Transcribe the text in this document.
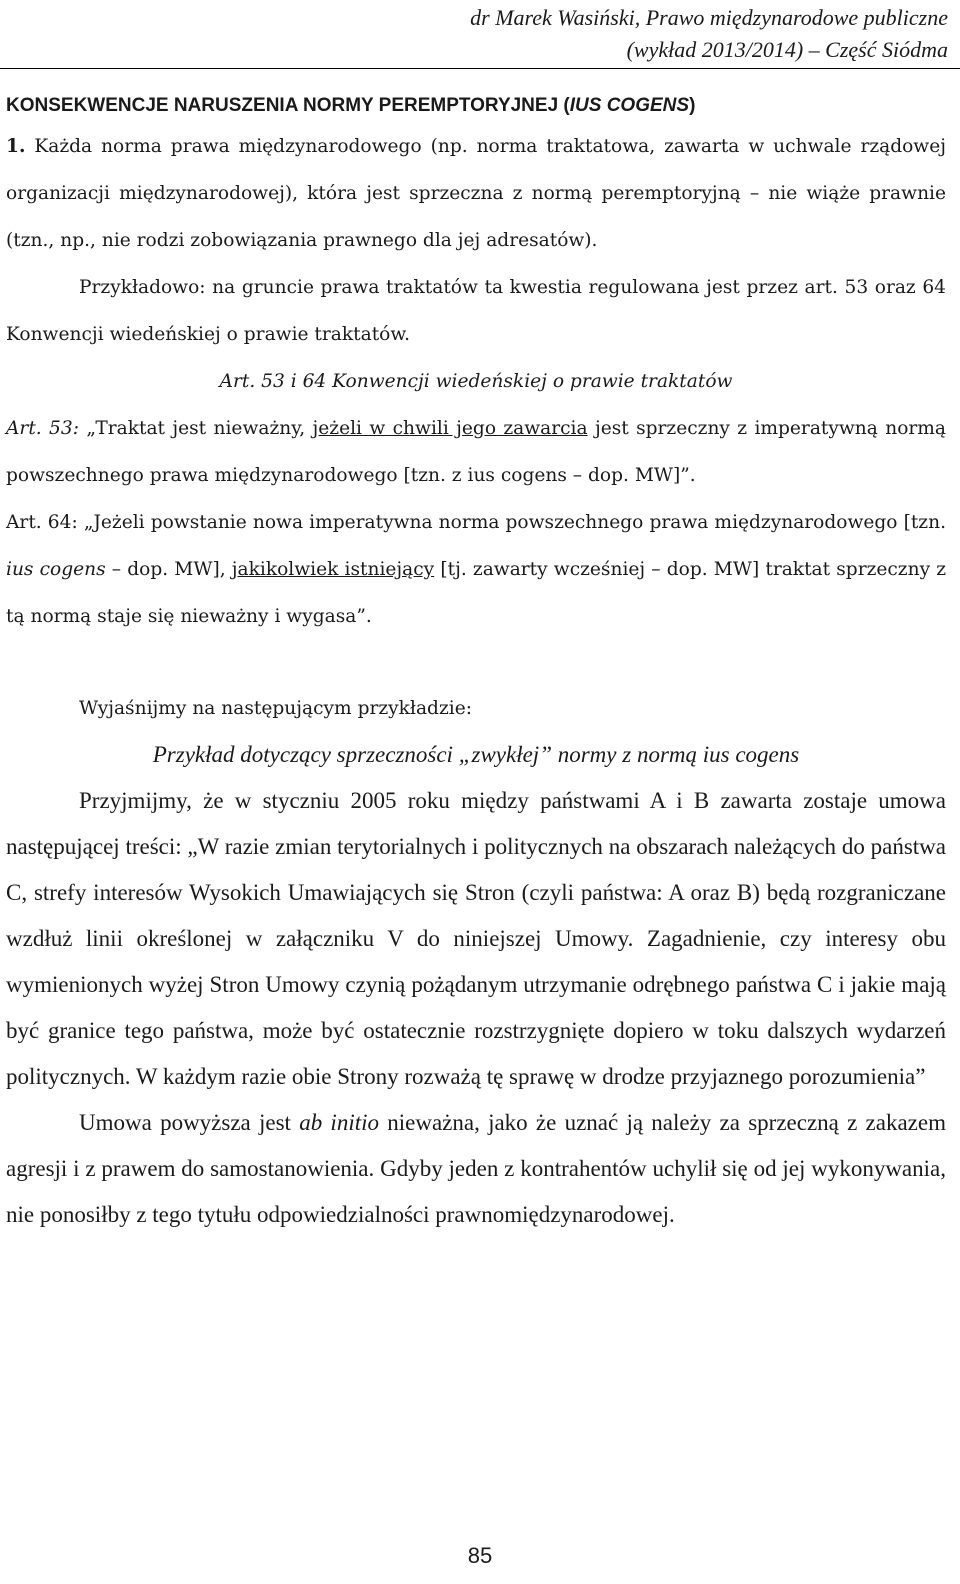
dr Marek Wasiński, Prawo międzynarodowe publiczne
(wykład 2013/2014) – Część Siódma

KONSEKWENCJE NARUSZENIA NORMY PEREMPTORYJNEJ (IUS COGENS)

1. Każda norma prawa międzynarodowego (np. norma traktatowa, zawarta w uchwale rządowej organizacji międzynarodowej), która jest sprzeczna z normą peremptoryjną – nie wiąże prawnie (tzn., np., nie rodzi zobowiązania prawnego dla jej adresatów).

Przykładowo: na gruncie prawa traktatów ta kwestia regulowana jest przez art. 53 oraz 64 Konwencji wiedeńskiej o prawie traktatów.

Art. 53 i 64 Konwencji wiedeńskiej o prawie traktatów

Art. 53: „Traktat jest nieważny, jeżeli w chwili jego zawarcia jest sprzeczny z imperatywną normą powszechnego prawa międzynarodowego [tzn. z ius cogens – dop. MW]”.

Art. 64: „Jeżeli powstanie nowa imperatywna norma powszechnego prawa międzynarodowego [tzn. ius cogens – dop. MW], jakikolwiek istniejący [tj. zawarty wcześniej – dop. MW] traktat sprzeczny z tą normą staje się nieważny i wygasa”.

Wyjaśnijmy na następującym przykładzie:

Przykład dotyczący sprzeczności „zwykłej” normy z normą ius cogens

Przyjmijmy, że w styczniu 2005 roku między państwami A i B zawarta zostaje umowa następującej treści: „W razie zmian terytorialnych i politycznych na obszarach należących do państwa C, strefy interesów Wysokich Umawiających się Stron (czyli państwa: A oraz B) będą rozgraniczane wzdłuż linii określonej w załączniku V do niniejszej Umowy. Zagadnienie, czy interesy obu wymienionych wyżej Stron Umowy czynią pożądanym utrzymanie odrębnego państwa C i jakie mają być granice tego państwa, może być ostatecznie rozstrzygnięte dopiero w toku dalszych wydarzeń politycznych. W każdym razie obie Strony rozważą tę sprawę w drodze przyjaznego porozumienia”

Umowa powyższa jest ab initio nieważna, jako że uznać ją należy za sprzeczną z zakazem agresji i z prawem do samostanowienia. Gdyby jeden z kontrahentów uchylił się od jej wykonywania, nie ponosiłby z tego tytułu odpowiedzialności prawnomiędzynarodowej.

85
